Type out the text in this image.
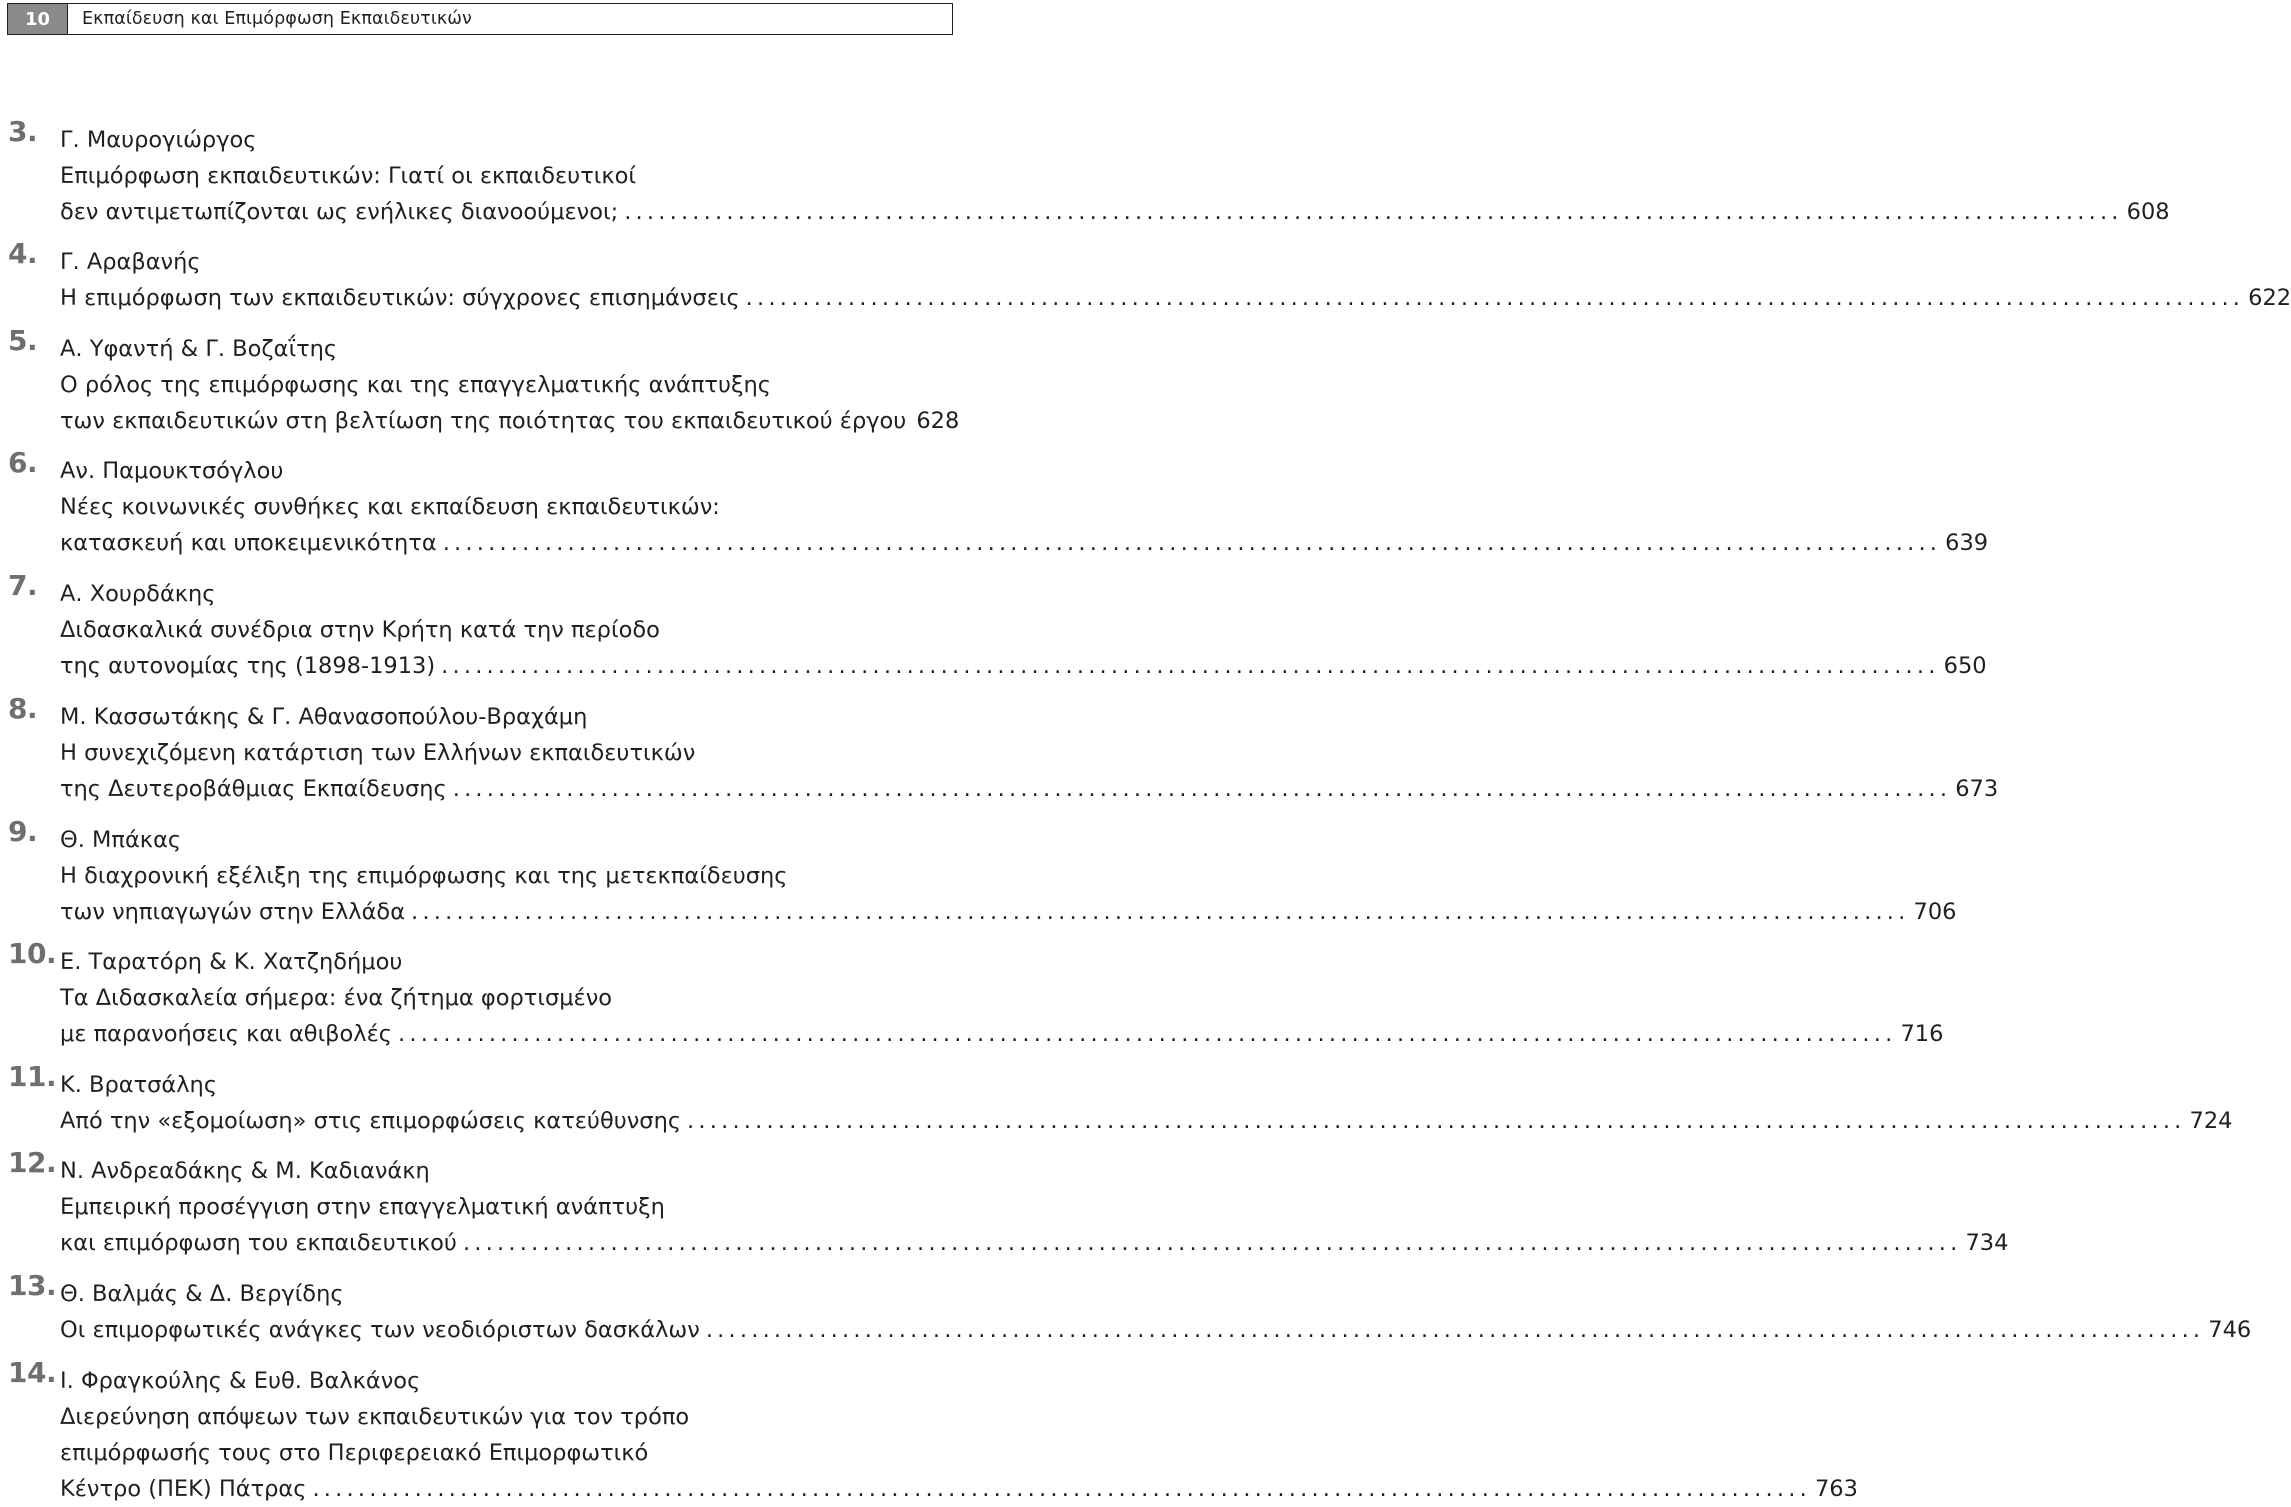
10	Εκπαίδευση και Επιμόρφωση Εκπαιδευτικών
3. Γ. Μαυρογιώργος
Επιμόρφωση εκπαιδευτικών: Γιατί οι εκπαιδευτικοί
δεν αντιμετωπίζονται ως ενήλικες διανοούμενοι; .................................................................................................................................... 608
4. Γ. Αραβανής
Η επιμόρφωση των εκπαιδευτικών: σύγχρονες επισημάνσεις .................................................................................................................................... 622
5. Α. Υφαντή & Γ. Βοζαΐτης
Ο ρόλος της επιμόρφωσης και της επαγγελματικής ανάπτυξης
των εκπαιδευτικών στη βελτίωση της ποιότητας του εκπαιδευτικού έργου 628
6. Αν. Παμουκτσόγλου
Νέες κοινωνικές συνθήκες και εκπαίδευση εκπαιδευτικών:
κατασκευή και υποκειμενικότητα .................................................................................................................................... 639
7. Α. Χουρδάκης
Διδασκαλικά συνέδρια στην Κρήτη κατά την περίοδο
της αυτονομίας της (1898-1913) .................................................................................................................................... 650
8. Μ. Κασσωτάκης & Γ. Αθανασοπούλου-Βραχάμη
Η συνεχιζόμενη κατάρτιση των Ελλήνων εκπαιδευτικών
της Δευτεροβάθμιας Εκπαίδευσης .................................................................................................................................... 673
9. Θ. Μπάκας
Η διαχρονική εξέλιξη της επιμόρφωσης και της μετεκπαίδευσης
των νηπιαγωγών στην Ελλάδα .................................................................................................................................... 706
10. Ε. Ταρατόρη & Κ. Χατζηδήμου
Τα Διδασκαλεία σήμερα: ένα ζήτημα φορτισμένο
με παρανοήσεις και αθιβολές .................................................................................................................................... 716
11. Κ. Βρατσάλης
Από την «εξομοίωση» στις επιμορφώσεις κατεύθυνσης .................................................................................................................................... 724
12. Ν. Ανδρεαδάκης & Μ. Καδιανάκη
Εμπειρική προσέγγιση στην επαγγελματική ανάπτυξη
και επιμόρφωση του εκπαιδευτικού .................................................................................................................................... 734
13. Θ. Βαλμάς & Δ. Βεργίδης
Οι επιμορφωτικές ανάγκες των νεοδιόριστων δασκάλων .................................................................................................................................... 746
14. Ι. Φραγκούλης & Ευθ. Βαλκάνος
Διερεύνηση απόψεων των εκπαιδευτικών για τον τρόπο
επιμόρφωσής τους στο Περιφερειακό Επιμορφωτικό
Κέντρο (ΠΕΚ) Πάτρας .................................................................................................................................... 763
